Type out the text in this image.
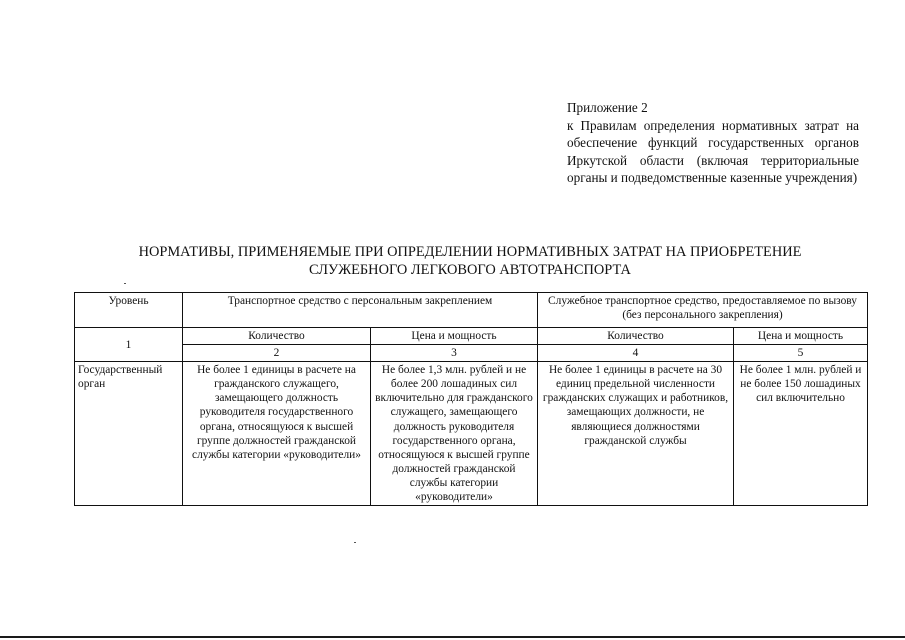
Приложение 2
к Правилам определения нормативных затрат на обеспечение функций государственных органов Иркутской области (включая территориальные органы и подведомственные казенные учреждения)
НОРМАТИВЫ, ПРИМЕНЯЕМЫЕ ПРИ ОПРЕДЕЛЕНИИ НОРМАТИВНЫХ ЗАТРАТ НА ПРИОБРЕТЕНИЕ
СЛУЖЕБНОГО ЛЕГКОВОГО АВТОТРАНСПОРТА
Уровень	Транспортное средство с персональным закреплением		Служебное транспортное средство, предоставляемое по вызову (без персонального закрепления)	
1	Количество	Цена и мощность	Количество	Цена и мощность
	2	3	4	5
Государственный орган	Не более 1 единицы в расчете на гражданского служащего, замещающего должность руководителя государственного органа, относящуюся к высшей группе должностей гражданской службы категории «руководители»	Не более 1,3 млн. рублей и не более 200 лошадиных сил включительно для гражданского служащего, замещающего должность руководителя государственного органа, относящуюся к высшей группе должностей гражданской службы категории «руководители»	Не более 1 единицы в расчете на 30 единиц предельной численности гражданских служащих и работников, замещающих должности, не являющиеся должностями гражданской службы	Не более 1 млн. рублей и не более 150 лошадиных сил включительно
